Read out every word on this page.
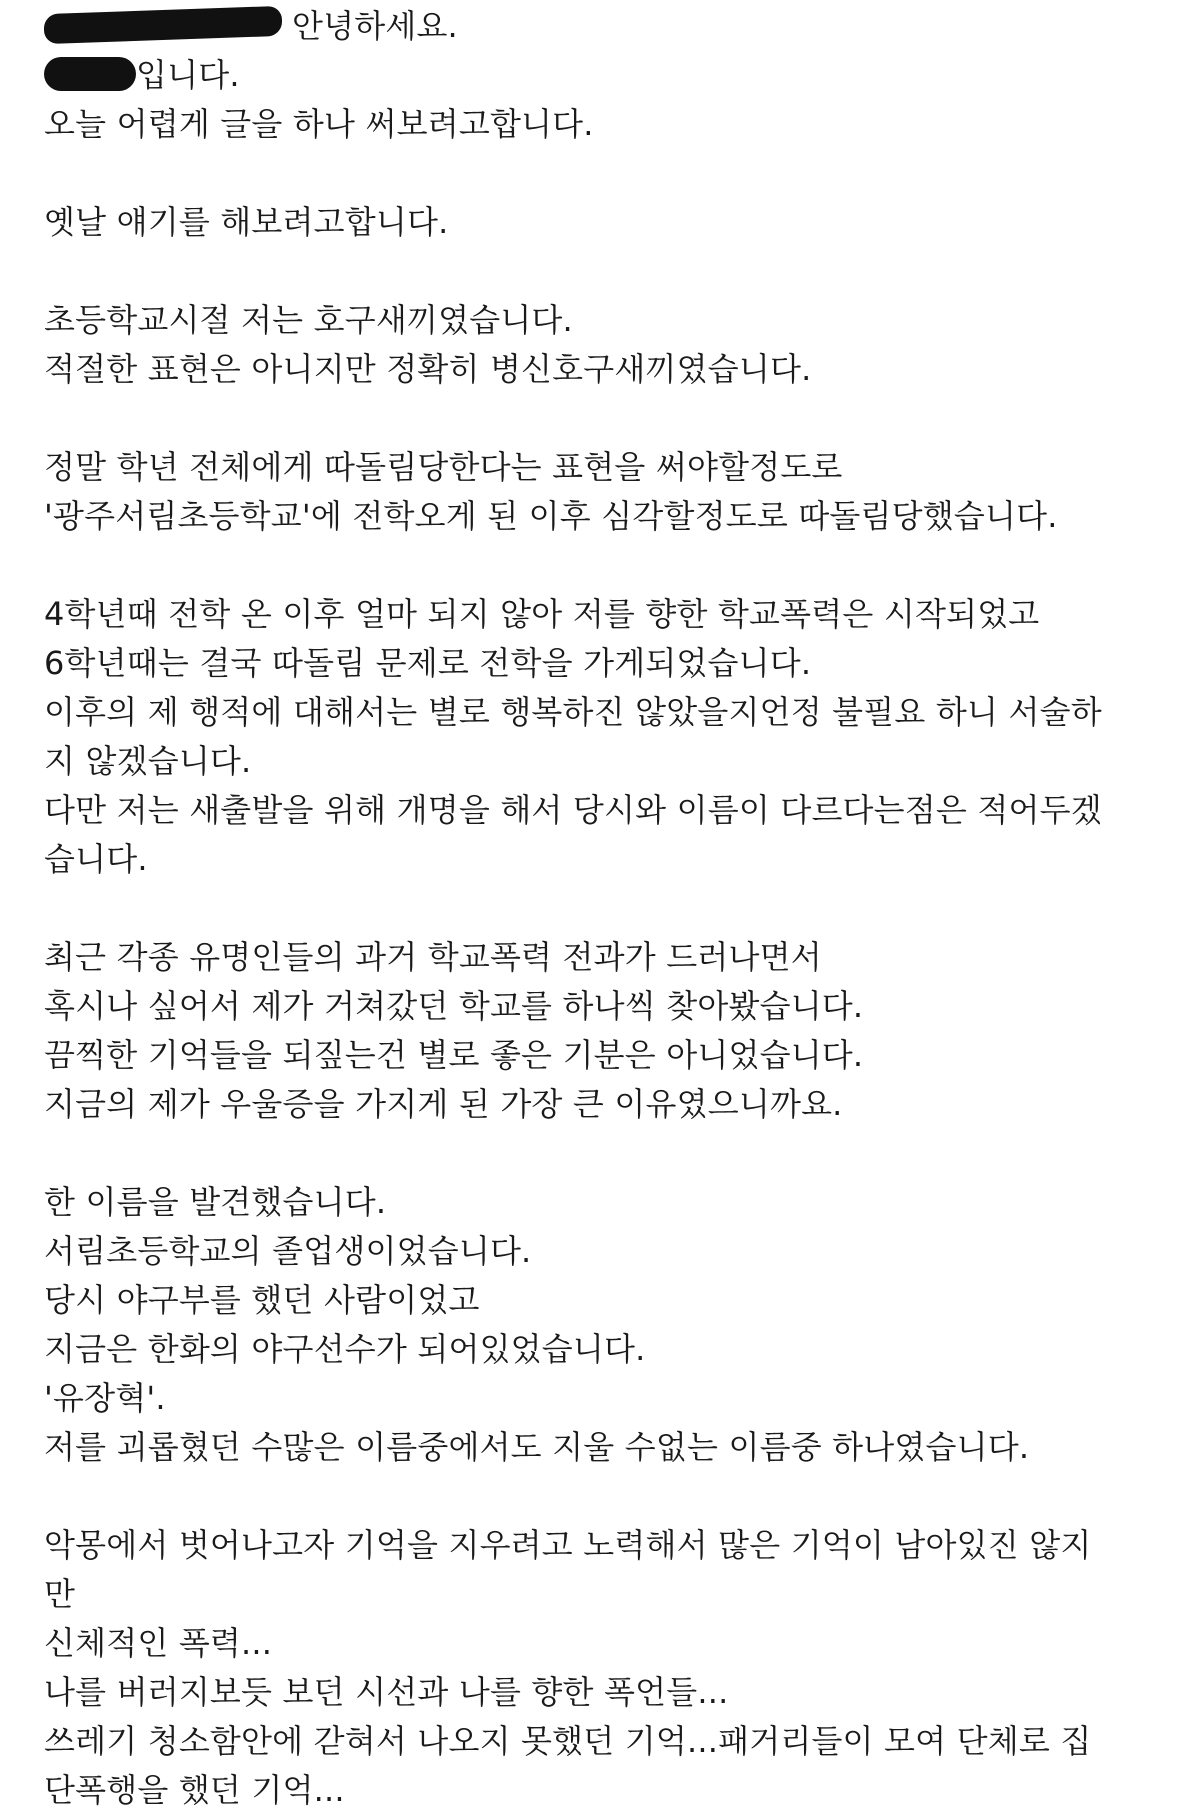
안녕하세요.
입니다.
오늘 어렵게 글을 하나 써보려고합니다.
옛날 얘기를 해보려고합니다.
초등학교시절 저는 호구새끼였습니다.
적절한 표현은 아니지만 정확히 병신호구새끼였습니다.
정말 학년 전체에게 따돌림당한다는 표현을 써야할정도로
'광주서림초등학교'에 전학오게 된 이후 심각할정도로 따돌림당했습니다.
4학년때 전학 온 이후 얼마 되지 않아 저를 향한 학교폭력은 시작되었고
6학년때는 결국 따돌림 문제로 전학을 가게되었습니다.
이후의 제 행적에 대해서는 별로 행복하진 않았을지언정 불필요 하니 서술하
지 않겠습니다.
다만 저는 새출발을 위해 개명을 해서 당시와 이름이 다르다는점은 적어두겠
습니다.
최근 각종 유명인들의 과거 학교폭력 전과가 드러나면서
혹시나 싶어서 제가 거쳐갔던 학교를 하나씩 찾아봤습니다.
끔찍한 기억들을 되짚는건 별로 좋은 기분은 아니었습니다.
지금의 제가 우울증을 가지게 된 가장 큰 이유였으니까요.
한 이름을 발견했습니다.
서림초등학교의 졸업생이었습니다.
당시 야구부를 했던 사람이었고
지금은 한화의 야구선수가 되어있었습니다.
'유장혁'.
저를 괴롭혔던 수많은 이름중에서도 지울 수없는 이름중 하나였습니다.
악몽에서 벗어나고자 기억을 지우려고 노력해서 많은 기억이 남아있진 않지
만
신체적인 폭력...
나를 버러지보듯 보던 시선과 나를 향한 폭언들...
쓰레기 청소함안에 갇혀서 나오지 못했던 기억...패거리들이 모여 단체로 집
단폭행을 했던 기억...
